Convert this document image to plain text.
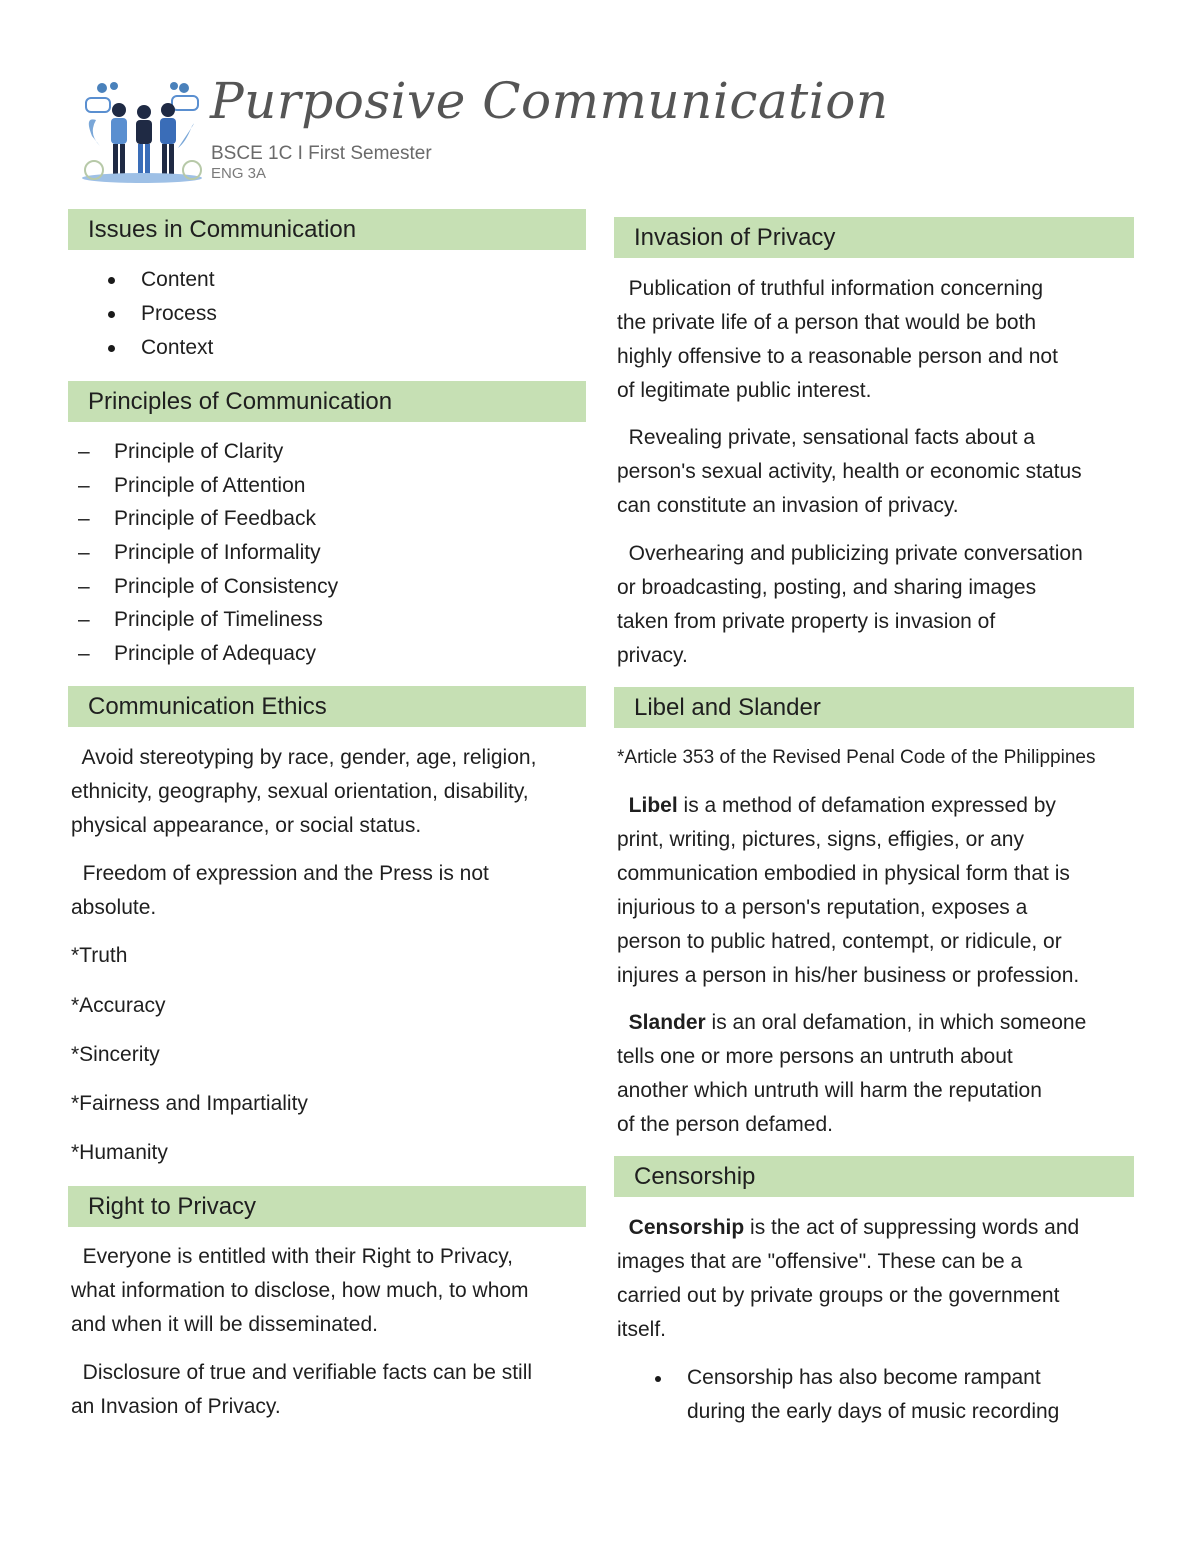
Purposive Communication
BSCE 1C I First Semester
ENG 3A
Issues in Communication
Content
Process
Context
Principles of Communication
– Principle of Clarity
– Principle of Attention
– Principle of Feedback
– Principle of Informality
– Principle of Consistency
– Principle of Timeliness
– Principle of Adequacy
Communication Ethics
Avoid stereotyping by race, gender, age, religion,
ethnicity, geography, sexual orientation, disability,
physical appearance, or social status.
Freedom of expression and the Press is not
absolute.
*Truth
*Accuracy
*Sincerity
*Fairness and Impartiality
*Humanity
Right to Privacy
Everyone is entitled with their Right to Privacy,
what information to disclose, how much, to whom
and when it will be disseminated.
Disclosure of true and verifiable facts can be still
an Invasion of Privacy.
Invasion of Privacy
Publication of truthful information concerning
the private life of a person that would be both
highly offensive to a reasonable person and not
of legitimate public interest.
Revealing private, sensational facts about a
person's sexual activity, health or economic status
can constitute an invasion of privacy.
Overhearing and publicizing private conversation
or broadcasting, posting, and sharing images
taken from private property is invasion of
privacy.
Libel and Slander
*Article 353 of the Revised Penal Code of the Philippines
Libel is a method of defamation expressed by
print, writing, pictures, signs, effigies, or any
communication embodied in physical form that is
injurious to a person's reputation, exposes a
person to public hatred, contempt, or ridicule, or
injures a person in his/her business or profession.
Slander is an oral defamation, in which someone
tells one or more persons an untruth about
another which untruth will harm the reputation
of the person defamed.
Censorship
Censorship is the act of suppressing words and
images that are "offensive". These can be a
carried out by private groups or the government
itself.
Censorship has also become rampant
during the early days of music recording
